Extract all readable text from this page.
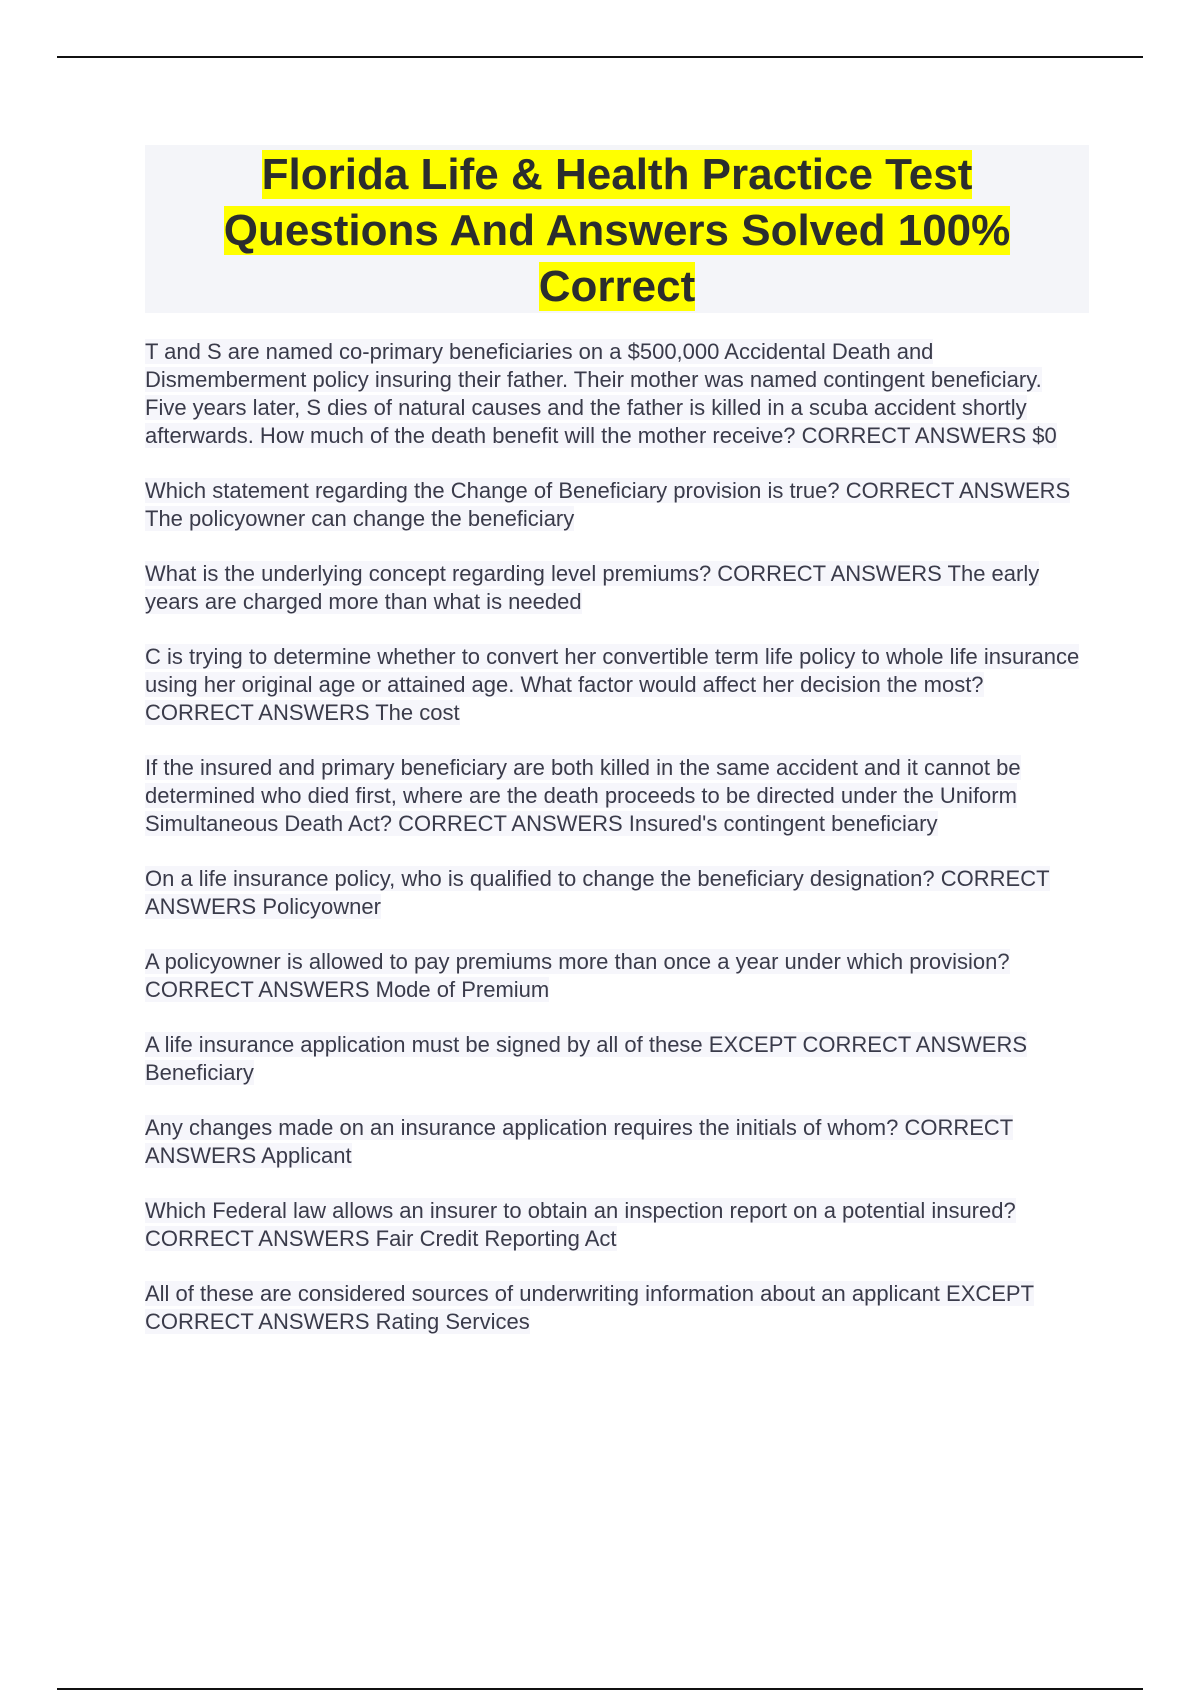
Florida Life & Health Practice Test
Questions And Answers Solved 100%
Correct

T and S are named co-primary beneficiaries on a $500,000 Accidental Death and Dismemberment policy insuring their father. Their mother was named contingent beneficiary. Five years later, S dies of natural causes and the father is killed in a scuba accident shortly afterwards. How much of the death benefit will the mother receive? CORRECT ANSWERS $0

Which statement regarding the Change of Beneficiary provision is true? CORRECT ANSWERS The policyowner can change the beneficiary

What is the underlying concept regarding level premiums? CORRECT ANSWERS The early years are charged more than what is needed

C is trying to determine whether to convert her convertible term life policy to whole life insurance using her original age or attained age. What factor would affect her decision the most? CORRECT ANSWERS The cost

If the insured and primary beneficiary are both killed in the same accident and it cannot be determined who died first, where are the death proceeds to be directed under the Uniform Simultaneous Death Act? CORRECT ANSWERS Insured's contingent beneficiary

On a life insurance policy, who is qualified to change the beneficiary designation? CORRECT ANSWERS Policyowner

A policyowner is allowed to pay premiums more than once a year under which provision? CORRECT ANSWERS Mode of Premium

A life insurance application must be signed by all of these EXCEPT CORRECT ANSWERS Beneficiary

Any changes made on an insurance application requires the initials of whom? CORRECT ANSWERS Applicant

Which Federal law allows an insurer to obtain an inspection report on a potential insured? CORRECT ANSWERS Fair Credit Reporting Act

All of these are considered sources of underwriting information about an applicant EXCEPT CORRECT ANSWERS Rating Services
